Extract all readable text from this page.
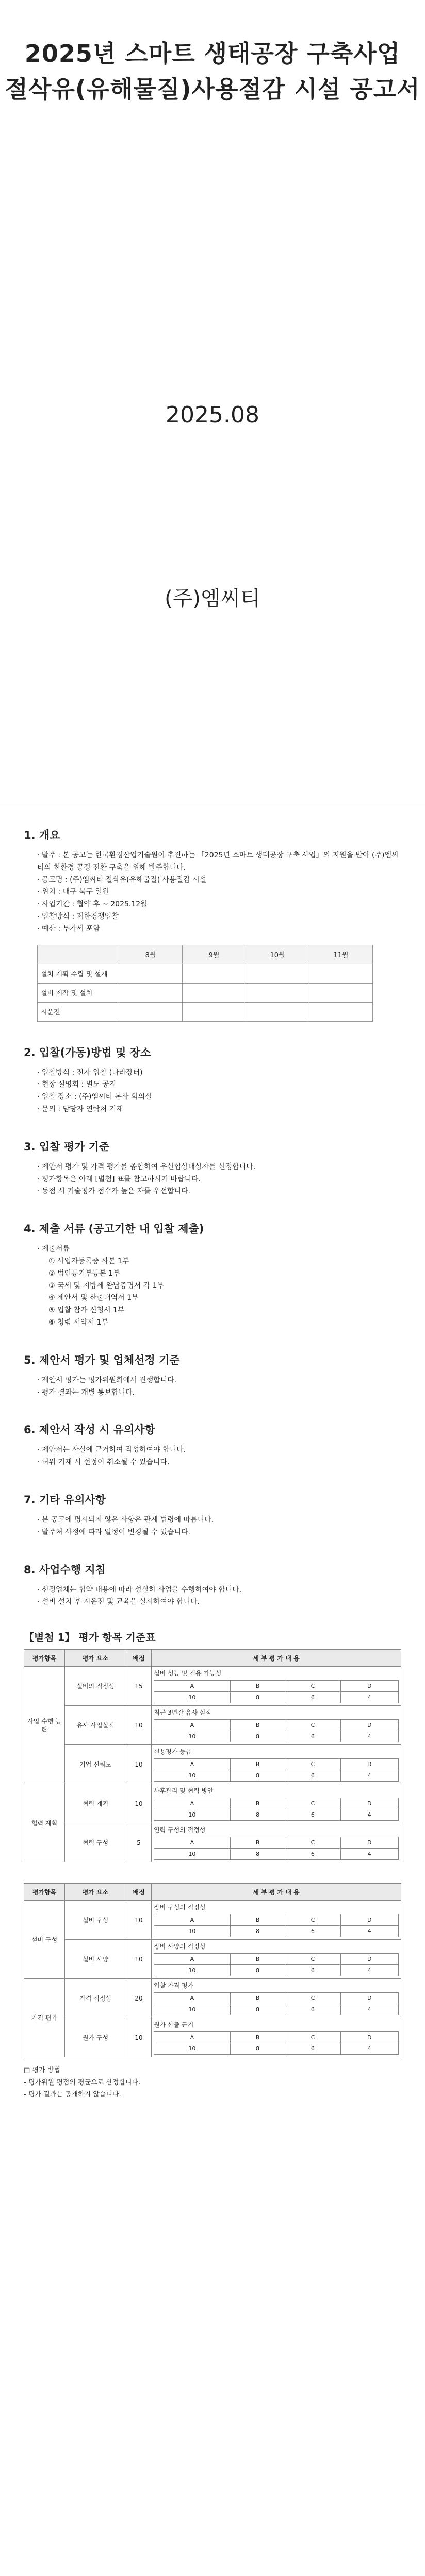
2025년 스마트 생태공장 구축사업
절삭유(유해물질)사용절감 시설 공고서
2025.08
(주)엠씨티
1. 개요
· 발주 : 본 공고는 한국환경산업기술원이 추진하는 「2025년 스마트 생태공장 구축 사업」의 지원을 받아 (주)엠씨티의 친환경 공정 전환 구축을 위해 발주합니다.
· 공고명 : (주)엠씨티 절삭유(유해물질) 사용절감 시설
· 위치 : 대구 북구 일원
· 사업기간 : 협약 후 ~ 2025.12월
· 입찰방식 : 제한경쟁입찰
· 예산 : 부가세 포함
	8월	9월	10월	11월
설치 계획 수립 및 설계				
설비 제작 및 설치				
시운전				
2. 입찰(가동)방법 및 장소
· 입찰방식 : 전자 입찰 (나라장터)
· 현장 설명회 : 별도 공지
· 입찰 장소 : (주)엠씨티 본사 회의실
· 문의 : 담당자 연락처 기재
3. 입찰 평가 기준
· 제안서 평가 및 가격 평가를 종합하여 우선협상대상자를 선정합니다.
· 평가항목은 아래 [별첨] 표를 참고하시기 바랍니다.
· 동점 시 기술평가 점수가 높은 자를 우선합니다.
4. 제출 서류 (공고기한 내 입찰 제출)
· 제출서류
① 사업자등록증 사본 1부
② 법인등기부등본 1부
③ 국세 및 지방세 완납증명서 각 1부
④ 제안서 및 산출내역서 1부
⑤ 입찰 참가 신청서 1부
⑥ 청렴 서약서 1부
5. 제안서 평가 및 업체선정 기준
· 제안서 평가는 평가위원회에서 진행합니다.
· 평가 결과는 개별 통보합니다.
6. 제안서 작성 시 유의사항
· 제안서는 사실에 근거하여 작성하여야 합니다.
· 허위 기재 시 선정이 취소될 수 있습니다.
7. 기타 유의사항
· 본 공고에 명시되지 않은 사항은 관계 법령에 따릅니다.
· 발주처 사정에 따라 일정이 변경될 수 있습니다.
8. 사업수행 지침
· 선정업체는 협약 내용에 따라 성실히 사업을 수행하여야 합니다.
· 설비 설치 후 시운전 및 교육을 실시하여야 합니다.
【별첨 1】 평가 항목 기준표
평가항목	평가 요소	배점	세 부 평 가 내 용
사업 수행 능력	설비의 적정성	15	
설비 성능 및 적용 가능성
A	B	C	D
10	8	6	4

유사 사업실적	10	
최근 3년간 유사 실적
A	B	C	D
10	8	6	4

기업 신뢰도	10	
신용평가 등급
A	B	C	D
10	8	6	4

협력 계획	협력 계획	10	
사후관리 및 협력 방안
A	B	C	D
10	8	6	4

협력 구성	5	
인력 구성의 적정성
A	B	C	D
10	8	6	4
평가항목	평가 요소	배점	세 부 평 가 내 용
설비 구성	설비 구성	10	
장비 구성의 적정성
A	B	C	D
10	8	6	4

설비 사양	10	
장비 사양의 적정성
A	B	C	D
10	8	6	4

가격 평가	가격 적정성	20	
입찰 가격 평가
A	B	C	D
10	8	6	4

원가 구성	10	
원가 산출 근거
A	B	C	D
10	8	6	4
□ 평가 방법
- 평가위원 평점의 평균으로 산정합니다.
- 평가 결과는 공개하지 않습니다.
